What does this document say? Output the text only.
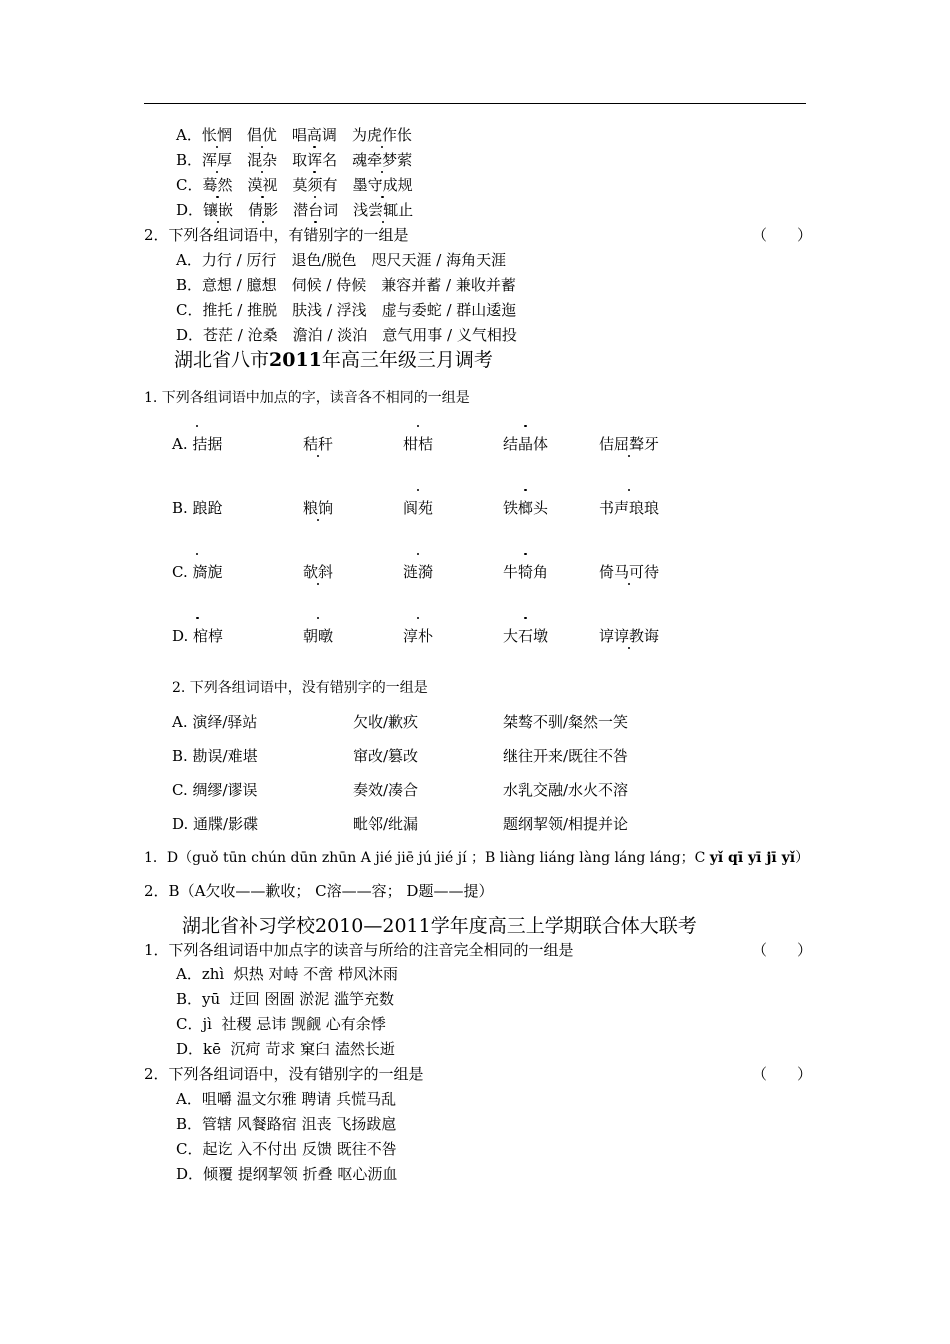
A．怅惘　 倡优　 唱高调　 为虎作伥
B．浑厚　 混杂　 取诨名　 魂牵梦萦
C．蓦然　 漠视　 莫须有　 墨守成规
D．镶嵌　 倩影　 潜台词　 浅尝辄止
2．下列各组词语中，有错别字的一组是	（　　）
A．力行 / 厉行　 退色/脱色　 咫尺天涯 / 海角天涯
B．意想 / 臆想　 伺候 / 侍候　 兼容并蓄 / 兼收并蓄
C．推托 / 推脱　 肤浅 / 浮浅　 虚与委蛇 / 群山逶迤
D．苍茫 / 沧桑　 澹泊 / 淡泊　 意气用事 / 义气相投
湖北省八市2011年高三年级三月调考
1. 下列各组词语中加点的字，读音各不相同的一组是
A. 拮据	秸秆	柑桔	结晶体	佶屈聱牙
B. 踉跄	粮饷	阆苑	铁榔头	书声琅琅
C. 旖旎	欹斜	涟漪	牛犄角	倚马可待
D. 棺椁	朝暾	淳朴	大石墩	谆谆教诲
2. 下列各组词语中，没有错别字的一组是
A. 演绎/驿站	欠收/歉疚	桀骜不驯/粲然一笑
B. 勘误/难堪	窜改/篡改	继往开来/既往不咎
C. 绸缪/谬误	奏效/凑合	水乳交融/水火不溶
D. 通牒/影碟	毗邻/纰漏	题纲挈领/相提并论
1．D（guǒ tūn chún dūn zhūn A jié jiē jú jié jí ；B liàng liáng làng láng láng；C yǐ qī yī jī yǐ）
2．B（A欠收——歉收； C溶——容； D题——提）
湖北省补习学校2010—2011学年度高三上学期联合体大联考
1．下列各组词语中加点字的读音与所给的注音完全相同的一组是	（　　）
A．zhì 炽热 对峙 不啻 栉风沐雨
B．yū 迂回 囹圄 淤泥 滥竽充数
C．jì 社稷 忌讳 觊觎 心有余悸
D．kē 沉疴 苛求 窠臼 溘然长逝
2．下列各组词语中，没有错别字的一组是	（　　）
A．咀嚼 温文尔雅 聘请 兵慌马乱
B．管辖 风餐路宿 沮丧 飞扬跋扈
C．起讫 入不付出 反馈 既往不咎
D．倾覆 提纲挈领 折叠 呕心沥血
